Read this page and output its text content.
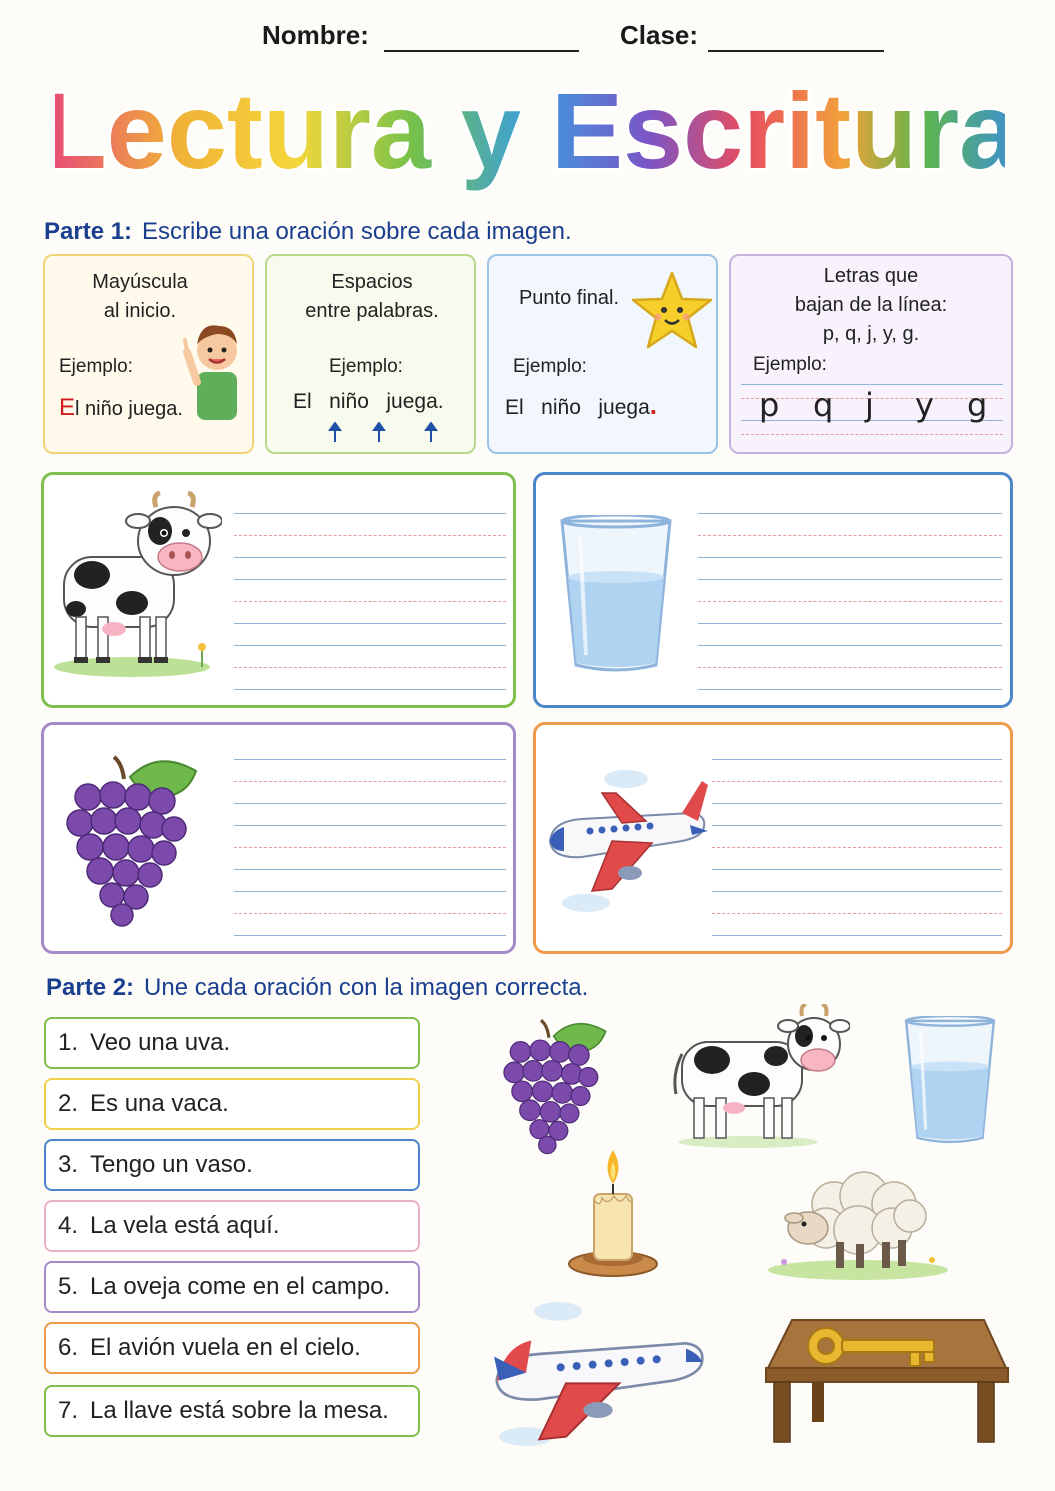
Nombre:	Clase:
Lectura y Escritura
Parte 1: Escribe una oración sobre cada imagen.
Mayúscula
al inicio.
Ejemplo:
El niño juega.
Espacios
entre palabras.
Ejemplo:
El   niño   juega.
Punto final.
Ejemplo:
El   niño   juega.
Letras que
bajan de la línea:
p, q, j, y, g.
Ejemplo:
p q j y g
Parte 2: Une cada oración con la imagen correcta.
1. Veo una uva.
2. Es una vaca.
3. Tengo un vaso.
4. La vela está aquí.
5. La oveja come en el campo.
6. El avión vuela en el cielo.
7. La llave está sobre la mesa.
